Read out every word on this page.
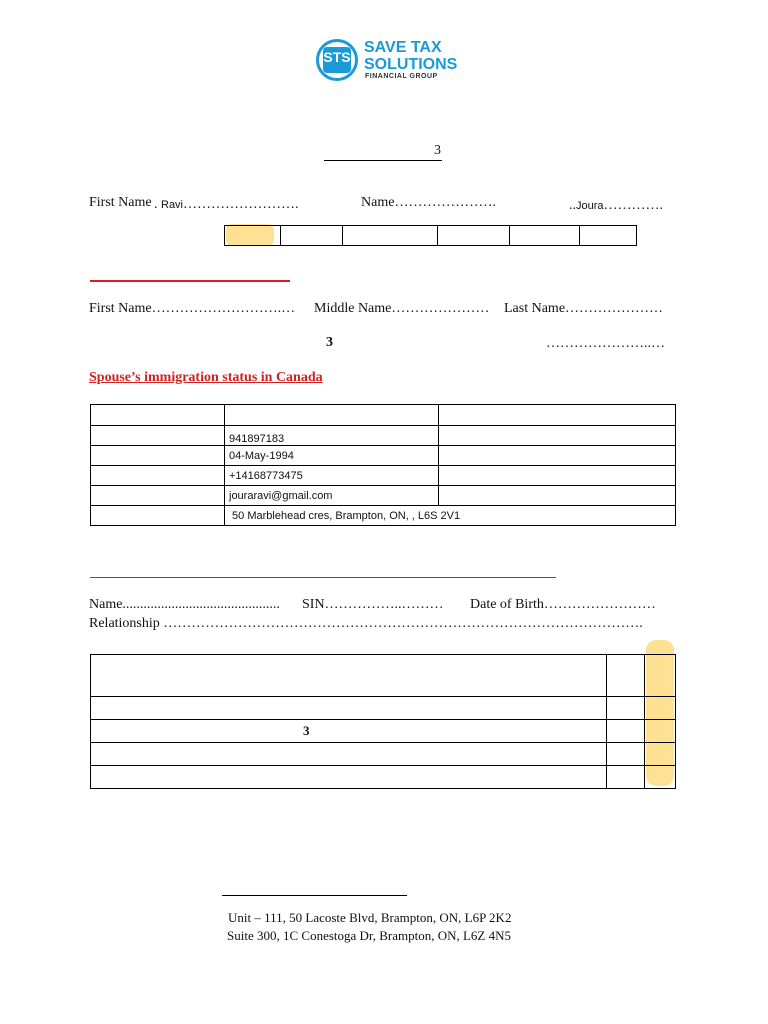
STS
SAVE TAX
SOLUTIONS
FINANCIAL GROUP
3
First Name . Ravi…………………….	Name………………….	..Joura………….
First Name……………………….… Middle Name………………… Last Name…………………
3	…………………..…
Spouse’s immigration status in Canada

	941897183	
	04-May-1994	
	+14168773475	
	jouraravi@gmail.com	
	50 Marblehead cres, Brampton, ON, , L6S 2V1	
Name............................................. SIN……………..……… Date of Birth……………………
Relationship ………………………………………………………………………………………….

3		

Unit – 111, 50 Lacoste Blvd, Brampton, ON, L6P 2K2
Suite 300, 1C Conestoga Dr, Brampton, ON, L6Z 4N5
